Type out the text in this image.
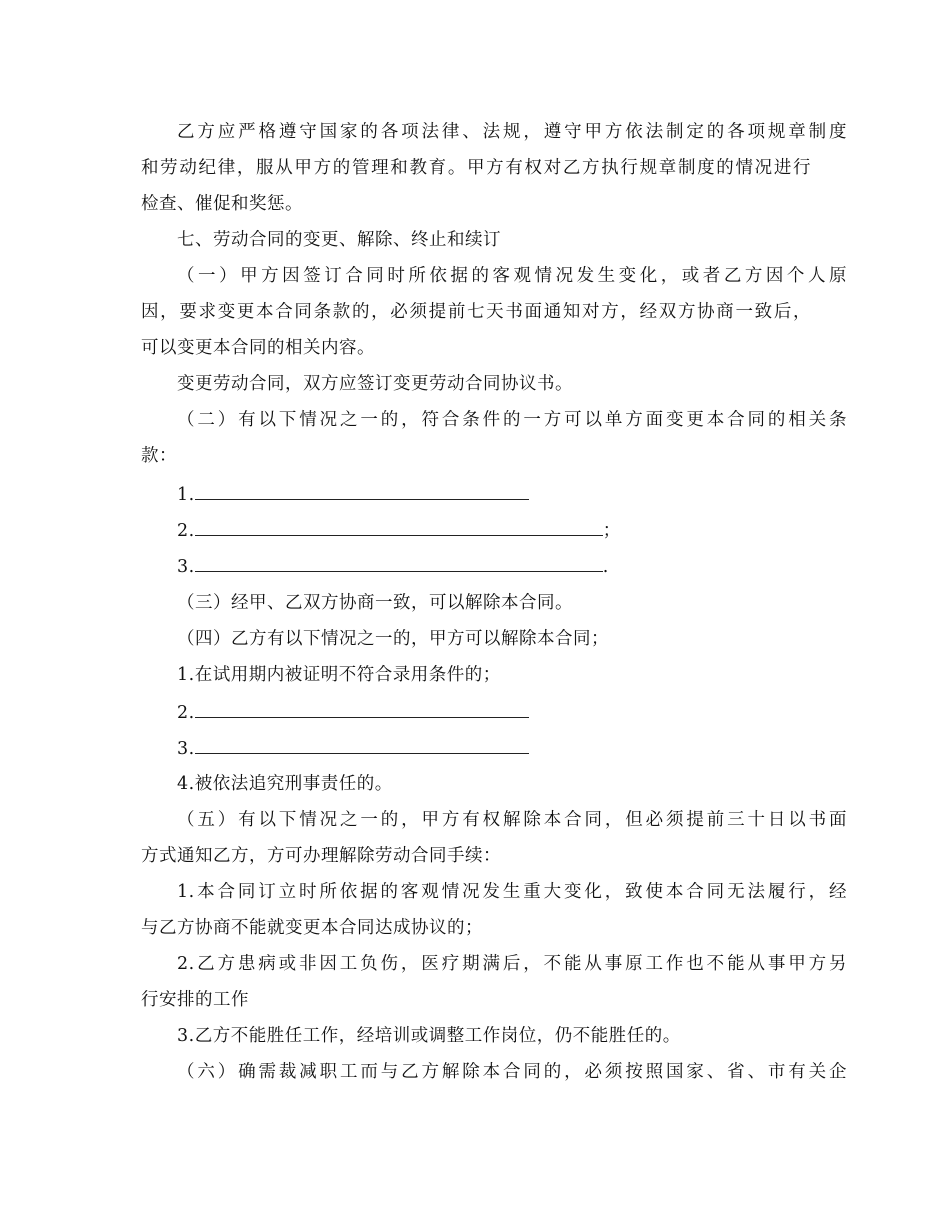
乙方应严格遵守国家的各项法律、法规，遵守甲方依法制定的各项规章制度
和劳动纪律，服从甲方的管理和教育。甲方有权对乙方执行规章制度的情况进行
检查、催促和奖惩。
七、劳动合同的变更、解除、终止和续订
（一）甲方因签订合同时所依据的客观情况发生变化，或者乙方因个人原
因，要求变更本合同条款的，必须提前七天书面通知对方，经双方协商一致后，
可以变更本合同的相关内容。
变更劳动合同，双方应签订变更劳动合同协议书。
（二）有以下情况之一的，符合条件的一方可以单方面变更本合同的相关条
款：
1.
2.	；
3.	.
（三）经甲、乙双方协商一致，可以解除本合同。
（四）乙方有以下情况之一的，甲方可以解除本合同；
1.在试用期内被证明不符合录用条件的；
2.
3.
4.被依法追究刑事责任的。
（五）有以下情况之一的，甲方有权解除本合同，但必须提前三十日以书面
方式通知乙方，方可办理解除劳动合同手续：
1.本合同订立时所依据的客观情况发生重大变化，致使本合同无法履行，经
与乙方协商不能就变更本合同达成协议的；
2.乙方患病或非因工负伤，医疗期满后，不能从事原工作也不能从事甲方另
行安排的工作
3.乙方不能胜任工作，经培训或调整工作岗位，仍不能胜任的。
（六）确需裁减职工而与乙方解除本合同的，必须按照国家、省、市有关企
